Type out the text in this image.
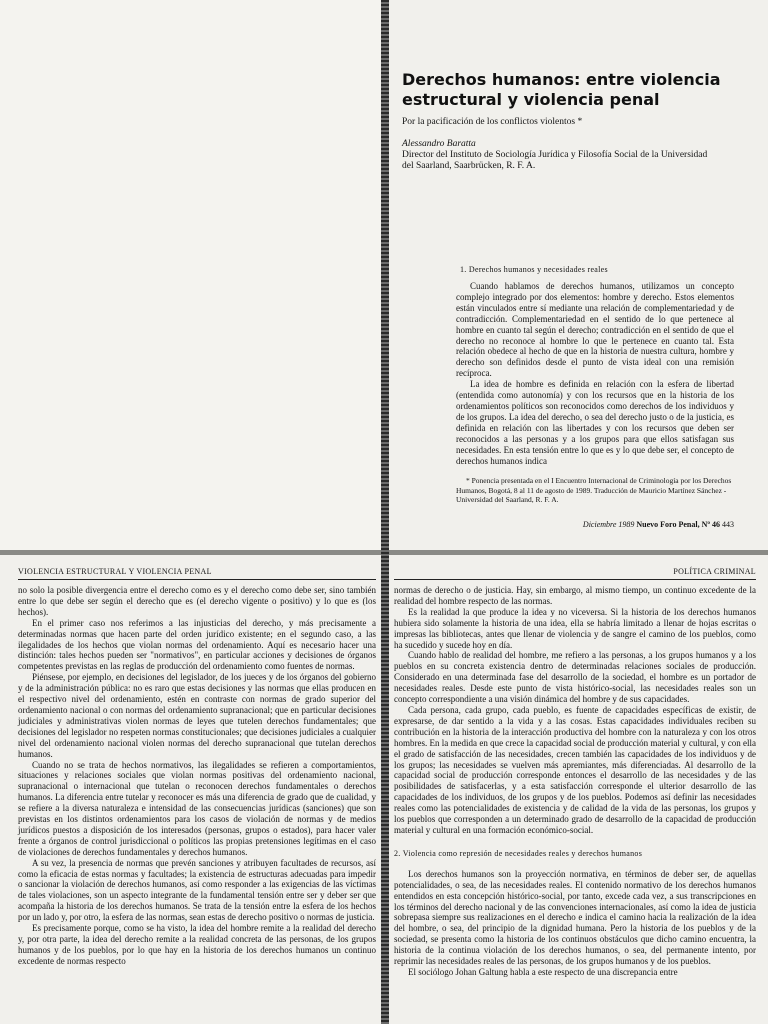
Derechos humanos: entre violencia
estructural y violencia penal
Por la pacificación de los conflictos violentos *
Alessandro Baratta
Director del Instituto de Sociología Jurídica y Filosofía Social de la Universidad
del Saarland, Saarbrücken, R. F. A.
1. Derechos humanos y necesidades reales

Cuando hablamos de derechos humanos, utilizamos un concepto complejo integrado por dos elementos: hombre y derecho. Estos elementos están vinculados entre sí mediante una relación de complementariedad y de contradicción. Complementariedad en el sentido de lo que pertenece al hombre en cuanto tal según el derecho; contradicción en el sentido de que el derecho no reconoce al hombre lo que le pertenece en cuanto tal. Esta relación obedece al hecho de que en la historia de nuestra cultura, hombre y derecho son definidos desde el punto de vista ideal con una remisión recíproca.

La idea de hombre es definida en relación con la esfera de libertad (entendida como autonomía) y con los recursos que en la historia de los ordenamientos políticos son reconocidos como derechos de los individuos y de los grupos. La idea del derecho, o sea del derecho justo o de la justicia, es definida en relación con las libertades y con los recursos que deben ser reconocidos a las personas y a los grupos para que ellos satisfagan sus necesidades. En esta tensión entre lo que es y lo que debe ser, el concepto de derechos humanos indica

* Ponencia presentada en el I Encuentro Internacional de Criminología por los Derechos Humanos, Bogotá, 8 al 11 de agosto de 1989. Traducción de Mauricio Martínez Sánchez - Universidad del Saarland, R. F. A.

Diciembre 1989 Nuevo Foro Penal, Nº 46 443
VIOLENCIA ESTRUCTURAL Y VIOLENCIA PENAL

no solo la posible divergencia entre el derecho como es y el derecho como debe ser, sino también entre lo que debe ser según el derecho que es (el derecho vigente o positivo) y lo que es (los hechos).

En el primer caso nos referimos a las injusticias del derecho, y más precisamente a determinadas normas que hacen parte del orden jurídico existente; en el segundo caso, a las ilegalidades de los hechos que violan normas del ordenamiento. Aquí es necesario hacer una distinción: tales hechos pueden ser "normativos", en particular acciones y decisiones de órganos competentes previstas en las reglas de producción del ordenamiento como fuentes de normas.

Piénsese, por ejemplo, en decisiones del legislador, de los jueces y de los órganos del gobierno y de la administración pública: no es raro que estas decisiones y las normas que ellas producen en el respectivo nivel del ordenamiento, estén en contraste con normas de grado superior del ordenamiento nacional o con normas del ordenamiento supranacional; que en particular decisiones judiciales y administrativas violen normas de leyes que tutelen derechos fundamentales; que decisiones del legislador no respeten normas constitucionales; que decisiones judiciales a cualquier nivel del ordenamiento nacional violen normas del derecho supranacional que tutelan derechos humanos.

Cuando no se trata de hechos normativos, las ilegalidades se refieren a comportamientos, situaciones y relaciones sociales que violan normas positivas del ordenamiento nacional, supranacional o internacional que tutelan o reconocen derechos fundamentales o derechos humanos. La diferencia entre tutelar y reconocer es más una diferencia de grado que de cualidad, y se refiere a la diversa naturaleza e intensidad de las consecuencias jurídicas (sanciones) que son previstas en los distintos ordenamientos para los casos de violación de normas y de medios jurídicos puestos a disposición de los interesados (personas, grupos o estados), para hacer valer frente a órganos de control jurisdiccional o políticos las propias pretensiones legítimas en el caso de violaciones de derechos fundamentales y derechos humanos.

A su vez, la presencia de normas que prevén sanciones y atribuyen facultades de recursos, así como la eficacia de estas normas y facultades; la existencia de estructuras adecuadas para impedir o sancionar la violación de derechos humanos, así como responder a las exigencias de las víctimas de tales violaciones, son un aspecto integrante de la fundamental tensión entre ser y deber ser que acompaña la historia de los derechos humanos. Se trata de la tensión entre la esfera de los hechos por un lado y, por otro, la esfera de las normas, sean estas de derecho positivo o normas de justicia.

Es precisamente porque, como se ha visto, la idea del hombre remite a la realidad del derecho y, por otra parte, la idea del derecho remite a la realidad concreta de las personas, de los grupos humanos y de los pueblos, por lo que hay en la historia de los derechos humanos un continuo excedente de normas respecto

POLÍTICA CRIMINAL

normas de derecho o de justicia. Hay, sin embargo, al mismo tiempo, un continuo excedente de la realidad del hombre respecto de las normas.

Es la realidad la que produce la idea y no viceversa. Si la historia de los derechos humanos hubiera sido solamente la historia de una idea, ella se habría limitado a llenar de hojas escritas o impresas las bibliotecas, antes que llenar de violencia y de sangre el camino de los pueblos, como ha sucedido y sucede hoy en día.

Cuando hablo de realidad del hombre, me refiero a las personas, a los grupos humanos y a los pueblos en su concreta existencia dentro de determinadas relaciones sociales de producción. Considerado en una determinada fase del desarrollo de la sociedad, el hombre es un portador de necesidades reales. Desde este punto de vista histórico-social, las necesidades reales son un concepto correspondiente a una visión dinámica del hombre y de sus capacidades.

Cada persona, cada grupo, cada pueblo, es fuente de capacidades específicas de existir, de expresarse, de dar sentido a la vida y a las cosas. Estas capacidades individuales reciben su contribución en la historia de la interacción productiva del hombre con la naturaleza y con los otros hombres. En la medida en que crece la capacidad social de producción material y cultural, y con ella el grado de satisfacción de las necesidades, crecen también las capacidades de los individuos y de los grupos; las necesidades se vuelven más apremiantes, más diferenciadas. Al desarrollo de la capacidad social de producción corresponde entonces el desarrollo de las necesidades y de las posibilidades de satisfacerlas, y a esta satisfacción corresponde el ulterior desarrollo de las capacidades de los individuos, de los grupos y de los pueblos. Podemos así definir las necesidades reales como las potencialidades de existencia y de calidad de la vida de las personas, los grupos y los pueblos que corresponden a un determinado grado de desarrollo de la capacidad de producción material y cultural en una formación económico-social.

2. Violencia como represión de necesidades reales y derechos humanos

Los derechos humanos son la proyección normativa, en términos de deber ser, de aquellas potencialidades, o sea, de las necesidades reales. El contenido normativo de los derechos humanos entendidos en esta concepción histórico-social, por tanto, excede cada vez, a sus transcripciones en los términos del derecho nacional y de las convenciones internacionales, así como la idea de justicia sobrepasa siempre sus realizaciones en el derecho e indica el camino hacia la realización de la idea del hombre, o sea, del principio de la dignidad humana. Pero la historia de los pueblos y de la sociedad, se presenta como la historia de los continuos obstáculos que dicho camino encuentra, la historia de la continua violación de los derechos humanos, o sea, del permanente intento, por reprimir las necesidades reales de las personas, de los grupos humanos y de los pueblos.

El sociólogo Johan Galtung habla a este respecto de una discrepancia entre
